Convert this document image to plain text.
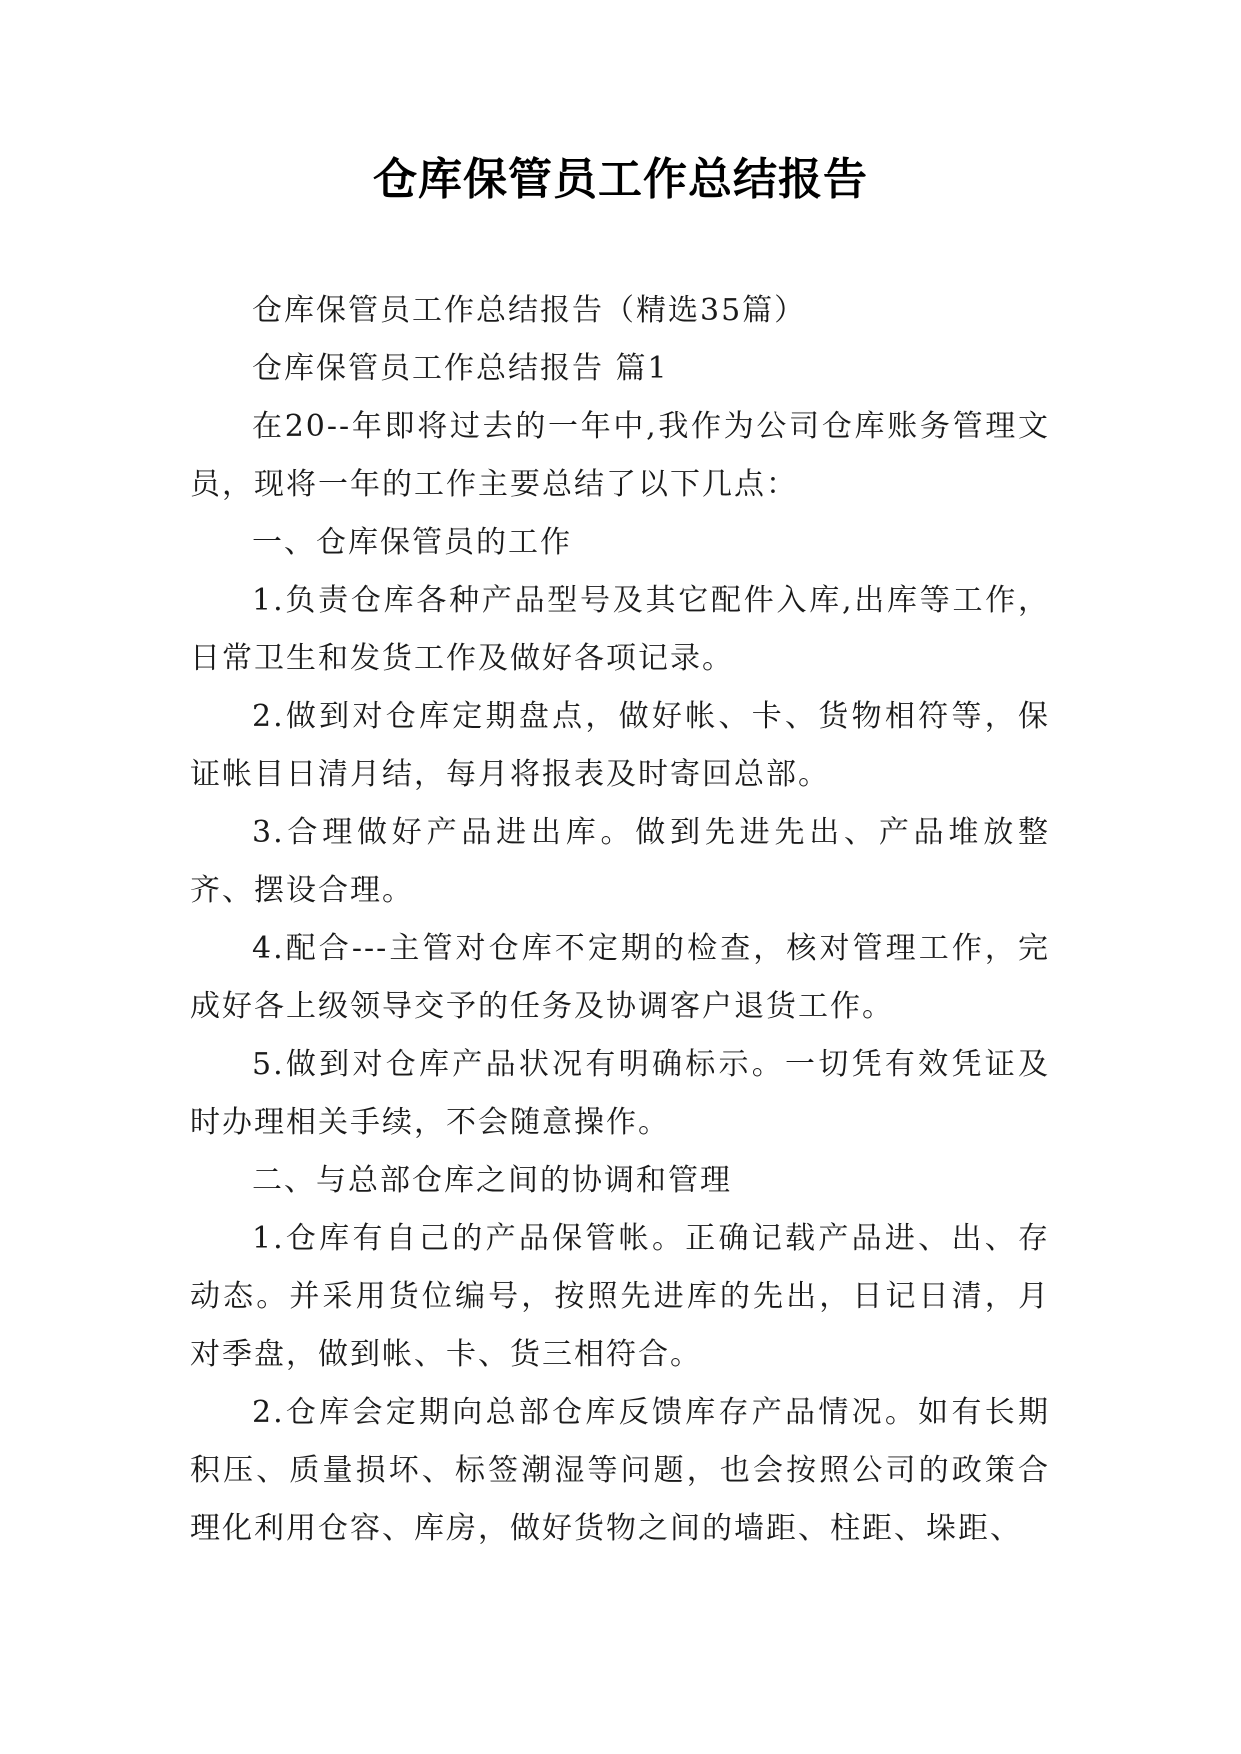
仓库保管员工作总结报告

仓库保管员工作总结报告（精选35篇）

仓库保管员工作总结报告 篇1

在20--年即将过去的一年中,我作为公司仓库账务管理文员，现将一年的工作主要总结了以下几点：

一、仓库保管员的工作

1.负责仓库各种产品型号及其它配件入库,出库等工作，日常卫生和发货工作及做好各项记录。

2.做到对仓库定期盘点，做好帐、卡、货物相符等，保证帐目日清月结，每月将报表及时寄回总部。

3.合理做好产品进出库。做到先进先出、产品堆放整齐、摆设合理。

4.配合---主管对仓库不定期的检查，核对管理工作，完成好各上级领导交予的任务及协调客户退货工作。

5.做到对仓库产品状况有明确标示。一切凭有效凭证及时办理相关手续，不会随意操作。

二、与总部仓库之间的协调和管理

1.仓库有自己的产品保管帐。正确记载产品进、出、存动态。并采用货位编号，按照先进库的先出，日记日清，月对季盘，做到帐、卡、货三相符合。

2.仓库会定期向总部仓库反馈库存产品情况。如有长期积压、质量损坏、标签潮湿等问题，也会按照公司的政策合理化利用仓容、库房，做好货物之间的墙距、柱距、垛距、
